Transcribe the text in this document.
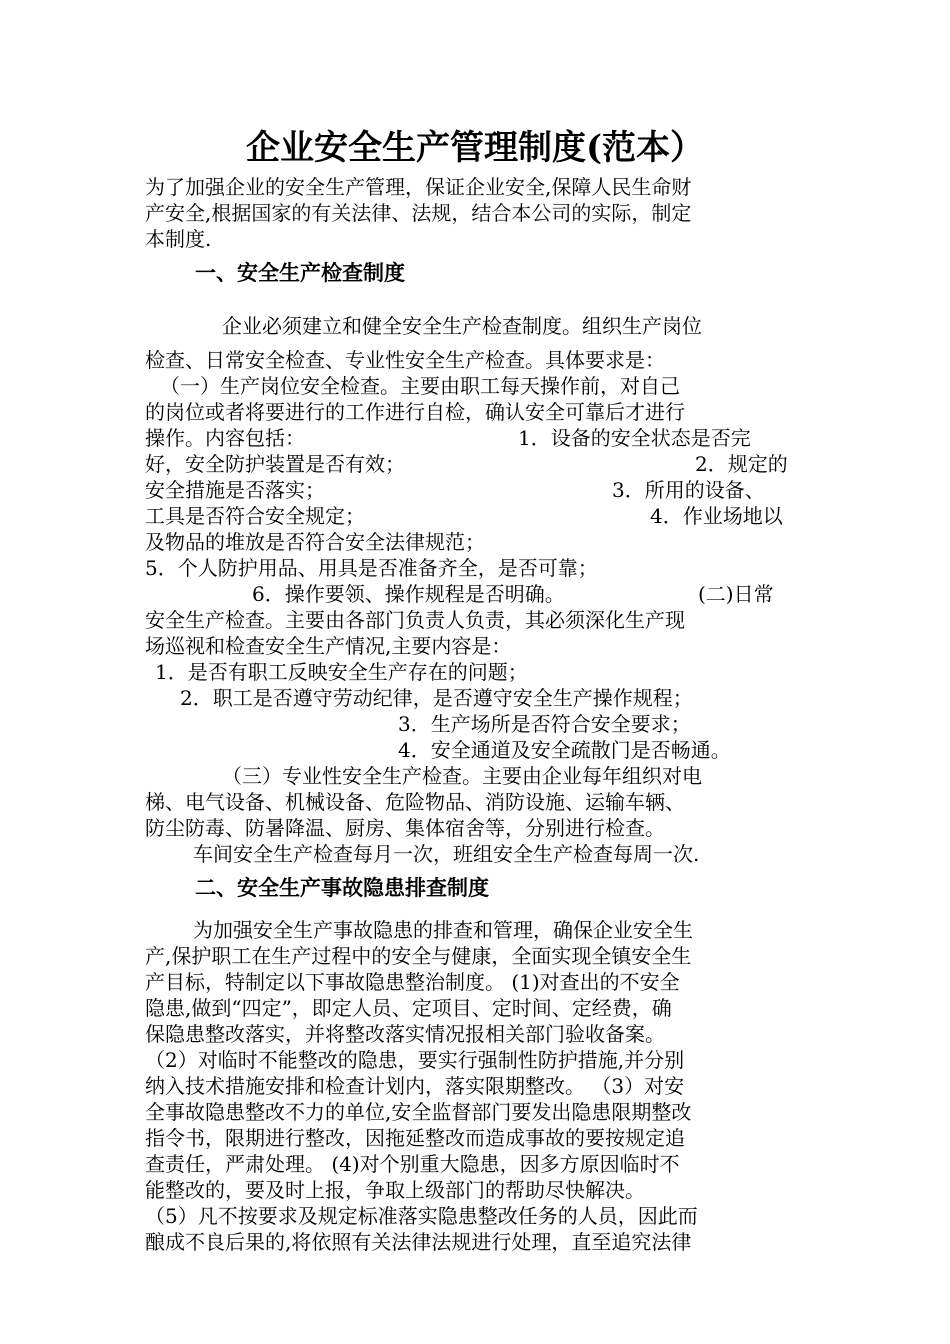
企业安全生产管理制度(范本）
为了加强企业的安全生产管理，保证企业安全,保障人民生命财
产安全,根据国家的有关法律、法规，结合本公司的实际，制定
本制度.
一、安全生产检查制度
企业必须建立和健全安全生产检查制度。组织生产岗位
检查、日常安全检查、专业性安全生产检查。具体要求是：
（一）生产岗位安全检查。主要由职工每天操作前，对自己
的岗位或者将要进行的工作进行自检，确认安全可靠后才进行
操作。内容包括：	1．设备的安全状态是否完
好，安全防护装置是否有效；	2．规定的
安全措施是否落实；	3．所用的设备、
工具是否符合安全规定；	4．作业场地以
及物品的堆放是否符合安全法律规范；
5．个人防护用品、用具是否准备齐全，是否可靠；
6．操作要领、操作规程是否明确。	(二)日常
安全生产检查。主要由各部门负责人负责，其必须深化生产现
场巡视和检查安全生产情况,主要内容是：
1．是否有职工反映安全生产存在的问题；
2．职工是否遵守劳动纪律，是否遵守安全生产操作规程；
3．生产场所是否符合安全要求；
4．安全通道及安全疏散门是否畅通。
（三）专业性安全生产检查。主要由企业每年组织对电
梯、电气设备、机械设备、危险物品、消防设施、运输车辆、
防尘防毒、防暑降温、厨房、集体宿舍等，分别进行检查。
车间安全生产检查每月一次，班组安全生产检查每周一次.
二、安全生产事故隐患排查制度
为加强安全生产事故隐患的排查和管理，确保企业安全生
产,保护职工在生产过程中的安全与健康，全面实现全镇安全生
产目标，特制定以下事故隐患整治制度。 (1)对查出的不安全
隐患,做到“四定”，即定人员、定项目、定时间、定经费，确
保隐患整改落实，并将整改落实情况报相关部门验收备案。
（2）对临时不能整改的隐患，要实行强制性防护措施,并分别
纳入技术措施安排和检查计划内，落实限期整改。 （3）对安
全事故隐患整改不力的单位,安全监督部门要发出隐患限期整改
指令书，限期进行整改，因拖延整改而造成事故的要按规定追
查责任，严肃处理。 (4)对个别重大隐患，因多方原因临时不
能整改的，要及时上报，争取上级部门的帮助尽快解决。
（5）凡不按要求及规定标准落实隐患整改任务的人员，因此而
酿成不良后果的,将依照有关法律法规进行处理，直至追究法律
